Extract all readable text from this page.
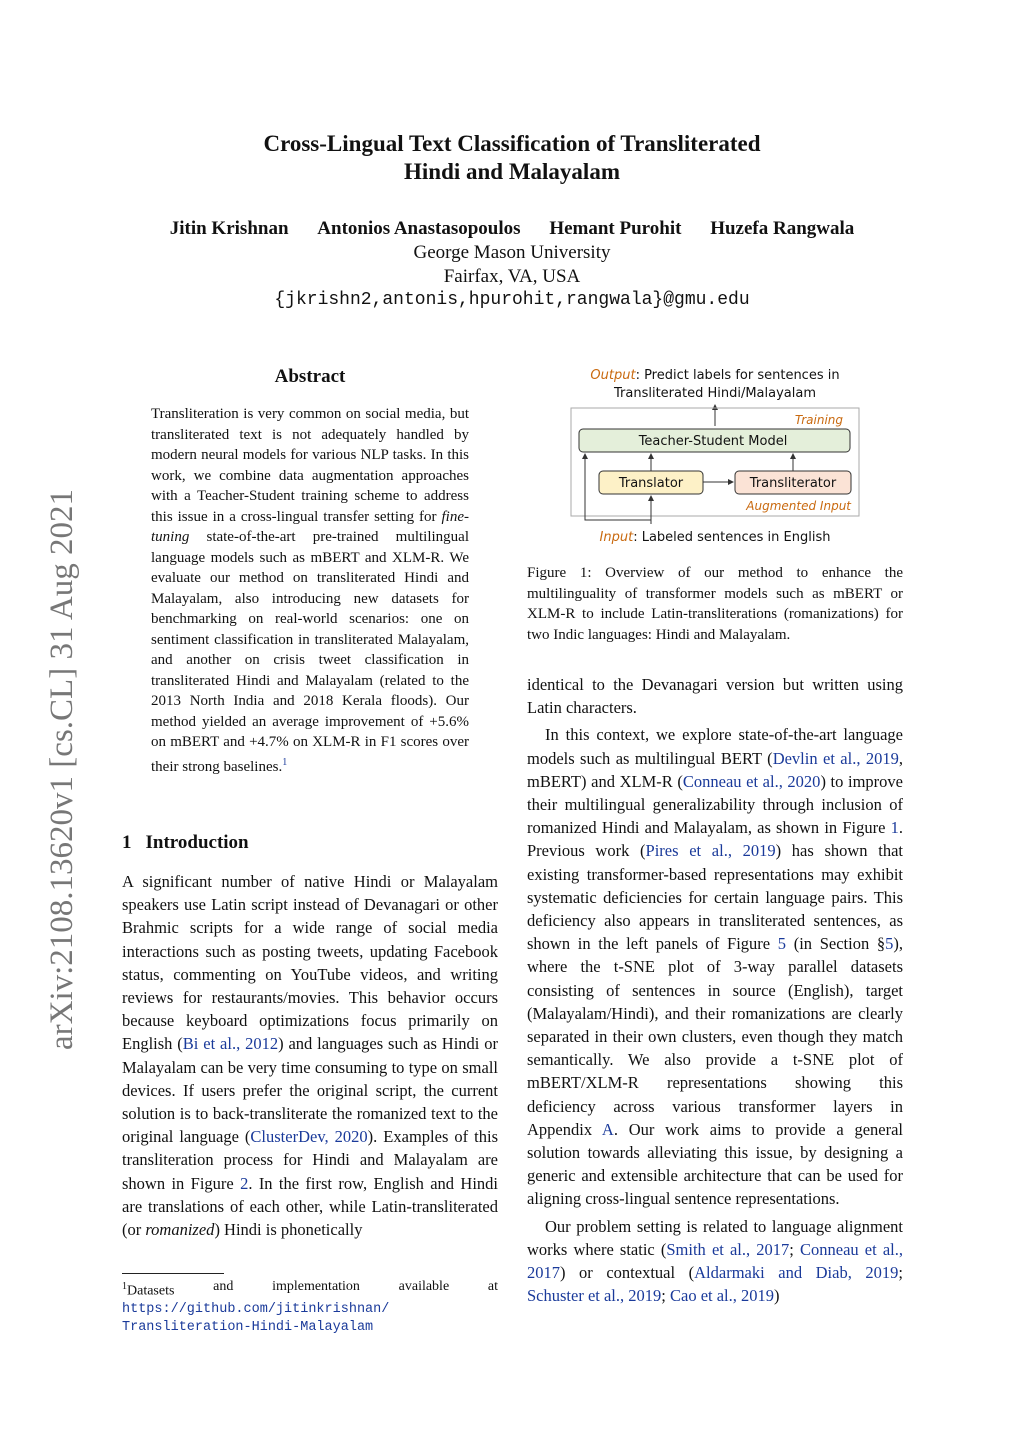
Cross-Lingual Text Classification of Transliterated
Hindi and Malayalam
Jitin Krishnan Antonios Anastasopoulos Hemant Purohit Huzefa Rangwala
George Mason University
Fairfax, VA, USA
{jkrishn2,antonis,hpurohit,rangwala}@gmu.edu
arXiv:2108.13620v1 [cs.CL] 31 Aug 2021
Abstract
Transliteration is very common on social media, but transliterated text is not adequately handled by modern neural models for various NLP tasks. In this work, we combine data augmentation approaches with a Teacher-Student training scheme to address this issue in a cross-lingual transfer setting for fine-tuning state-of-the-art pre-trained multilingual language models such as mBERT and XLM-R. We evaluate our method on transliterated Hindi and Malayalam, also introducing new datasets for benchmarking on real-world scenarios: one on sentiment classification in transliterated Malayalam, and another on crisis tweet classification in transliterated Hindi and Malayalam (related to the 2013 North India and 2018 Kerala floods). Our method yielded an average improvement of +5.6% on mBERT and +4.7% on XLM-R in F1 scores over their strong baselines.$^1$
1 Introduction

A significant number of native Hindi or Malayalam speakers use Latin script instead of Devanagari or other Brahmic scripts for a wide range of social media interactions such as posting tweets, updating Facebook status, commenting on YouTube videos, and writing reviews for restaurants/movies. This behavior occurs because keyboard optimizations focus primarily on English (Bi et al., 2012) and languages such as Hindi or Malayalam can be very time consuming to type on small devices. If users prefer the original script, the current solution is to back-transliterate the romanized text to the original language (ClusterDev, 2020). Examples of this transliteration process for Hindi and Malayalam are shown in Figure 2. In the first row, English and Hindi are translations of each other, while Latin-transliterated (or romanized) Hindi is phonetically

$^1$Datasets	and	implementation	available	at
https://github.com/jitinkrishnan/
Transliteration-Hindi-Malayalam
Output: Predict labels for sentences in
Transliterated Hindi/Malayalam
Training
Teacher-Student Model
Translator	Transliterator
Augmented Input
Input: Labeled sentences in English
Figure 1: Overview of our method to enhance the multilinguality of transformer models such as mBERT or XLM-R to include Latin-transliterations (romanizations) for two Indic languages: Hindi and Malayalam.

identical to the Devanagari version but written using Latin characters.

In this context, we explore state-of-the-art language models such as multilingual BERT (Devlin et al., 2019, mBERT) and XLM-R (Conneau et al., 2020) to improve their multilingual generalizability through inclusion of romanized Hindi and Malayalam, as shown in Figure 1. Previous work (Pires et al., 2019) has shown that existing transformer-based representations may exhibit systematic deficiencies for certain language pairs. This deficiency also appears in transliterated sentences, as shown in the left panels of Figure 5 (in Section §5), where the t-SNE plot of 3-way parallel datasets consisting of sentences in source (English), target (Malayalam/Hindi), and their romanizations are clearly separated in their own clusters, even though they match semantically. We also provide a t-SNE plot of mBERT/XLM-R representations showing this deficiency across various transformer layers in Appendix A. Our work aims to provide a general solution towards alleviating this issue, by designing a generic and extensible architecture that can be used for aligning cross-lingual sentence representations.

Our problem setting is related to language alignment works where static (Smith et al., 2017; Conneau et al., 2017) or contextual (Aldarmaki and Diab, 2019; Schuster et al., 2019; Cao et al., 2019)
